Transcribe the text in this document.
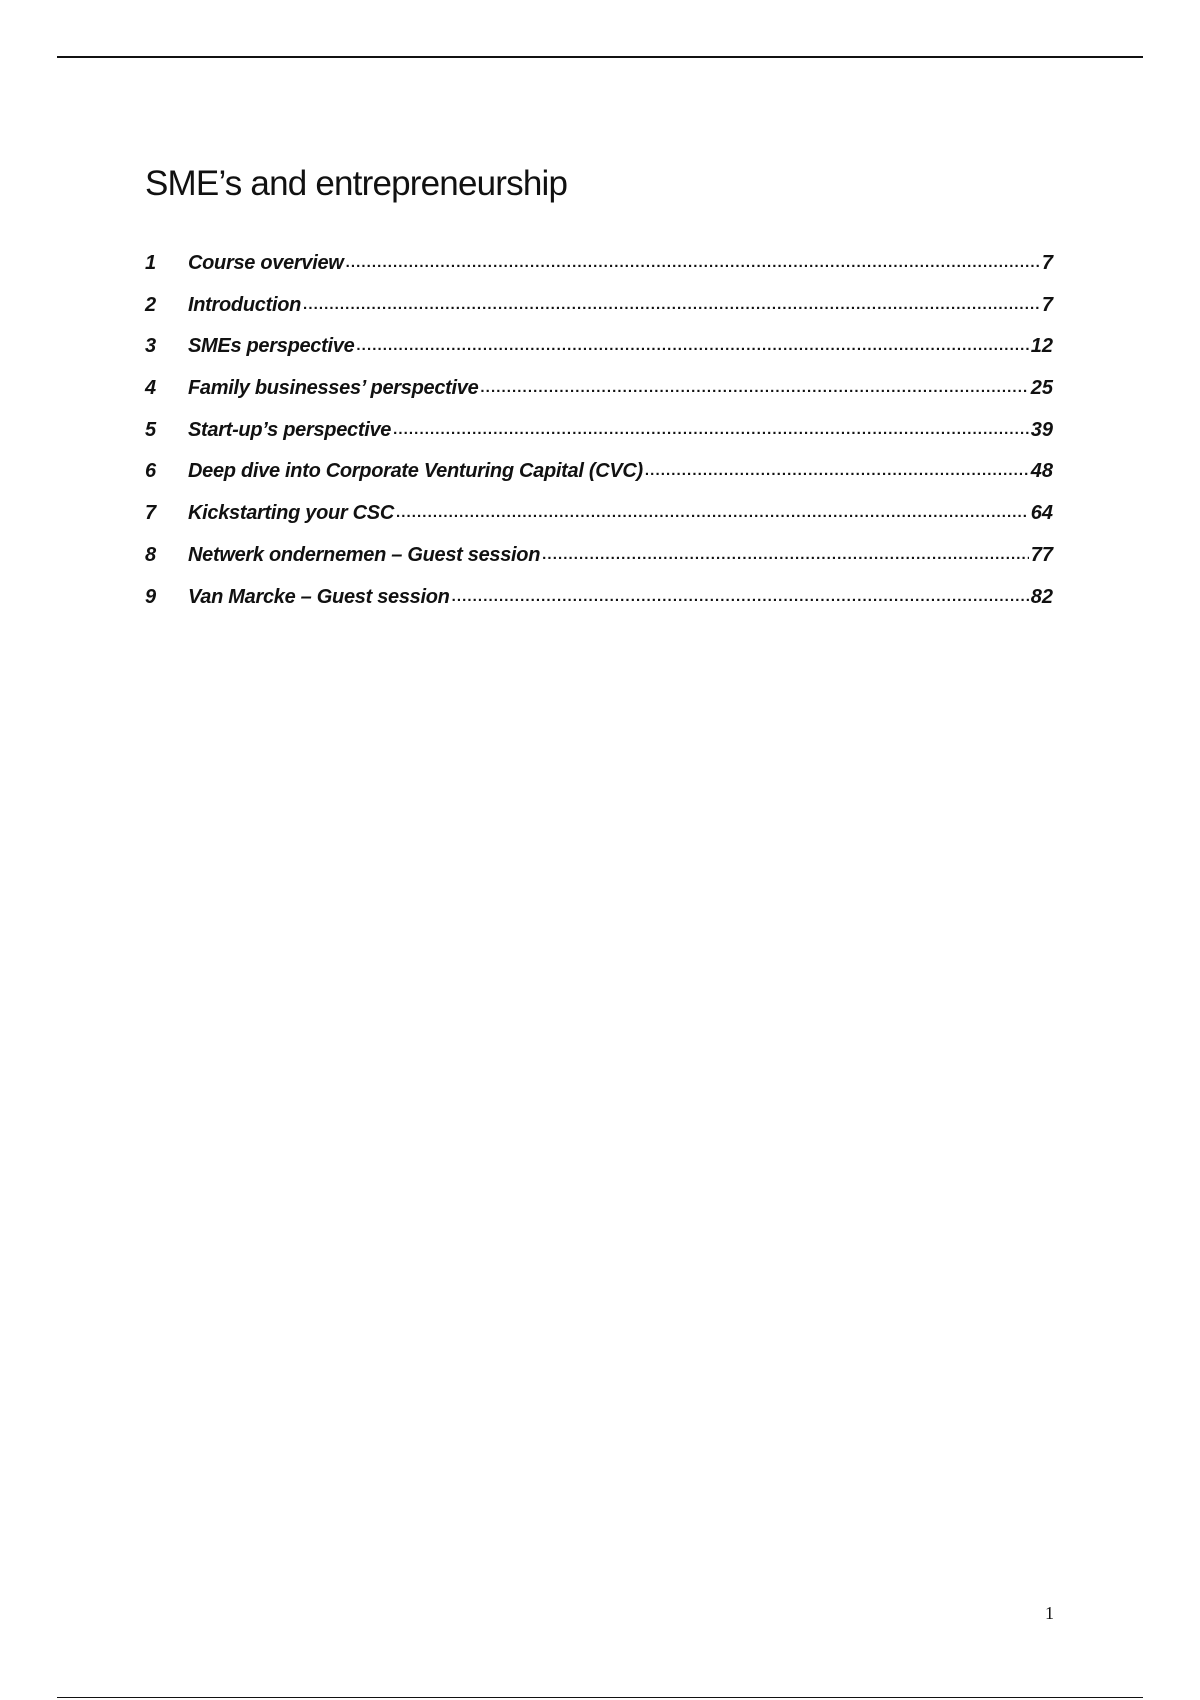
SME’s and entrepreneurship
1	Course overview .....	7
2	Introduction .....	7
3	SMEs perspective .....	12
4	Family businesses’ perspective .....	25
5	Start-up’s perspective .....	39
6	Deep dive into Corporate Venturing Capital (CVC) .....	48
7	Kickstarting your CSC .....	64
8	Netwerk ondernemen – Guest session .....	77
9	Van Marcke – Guest session .....	82
1
